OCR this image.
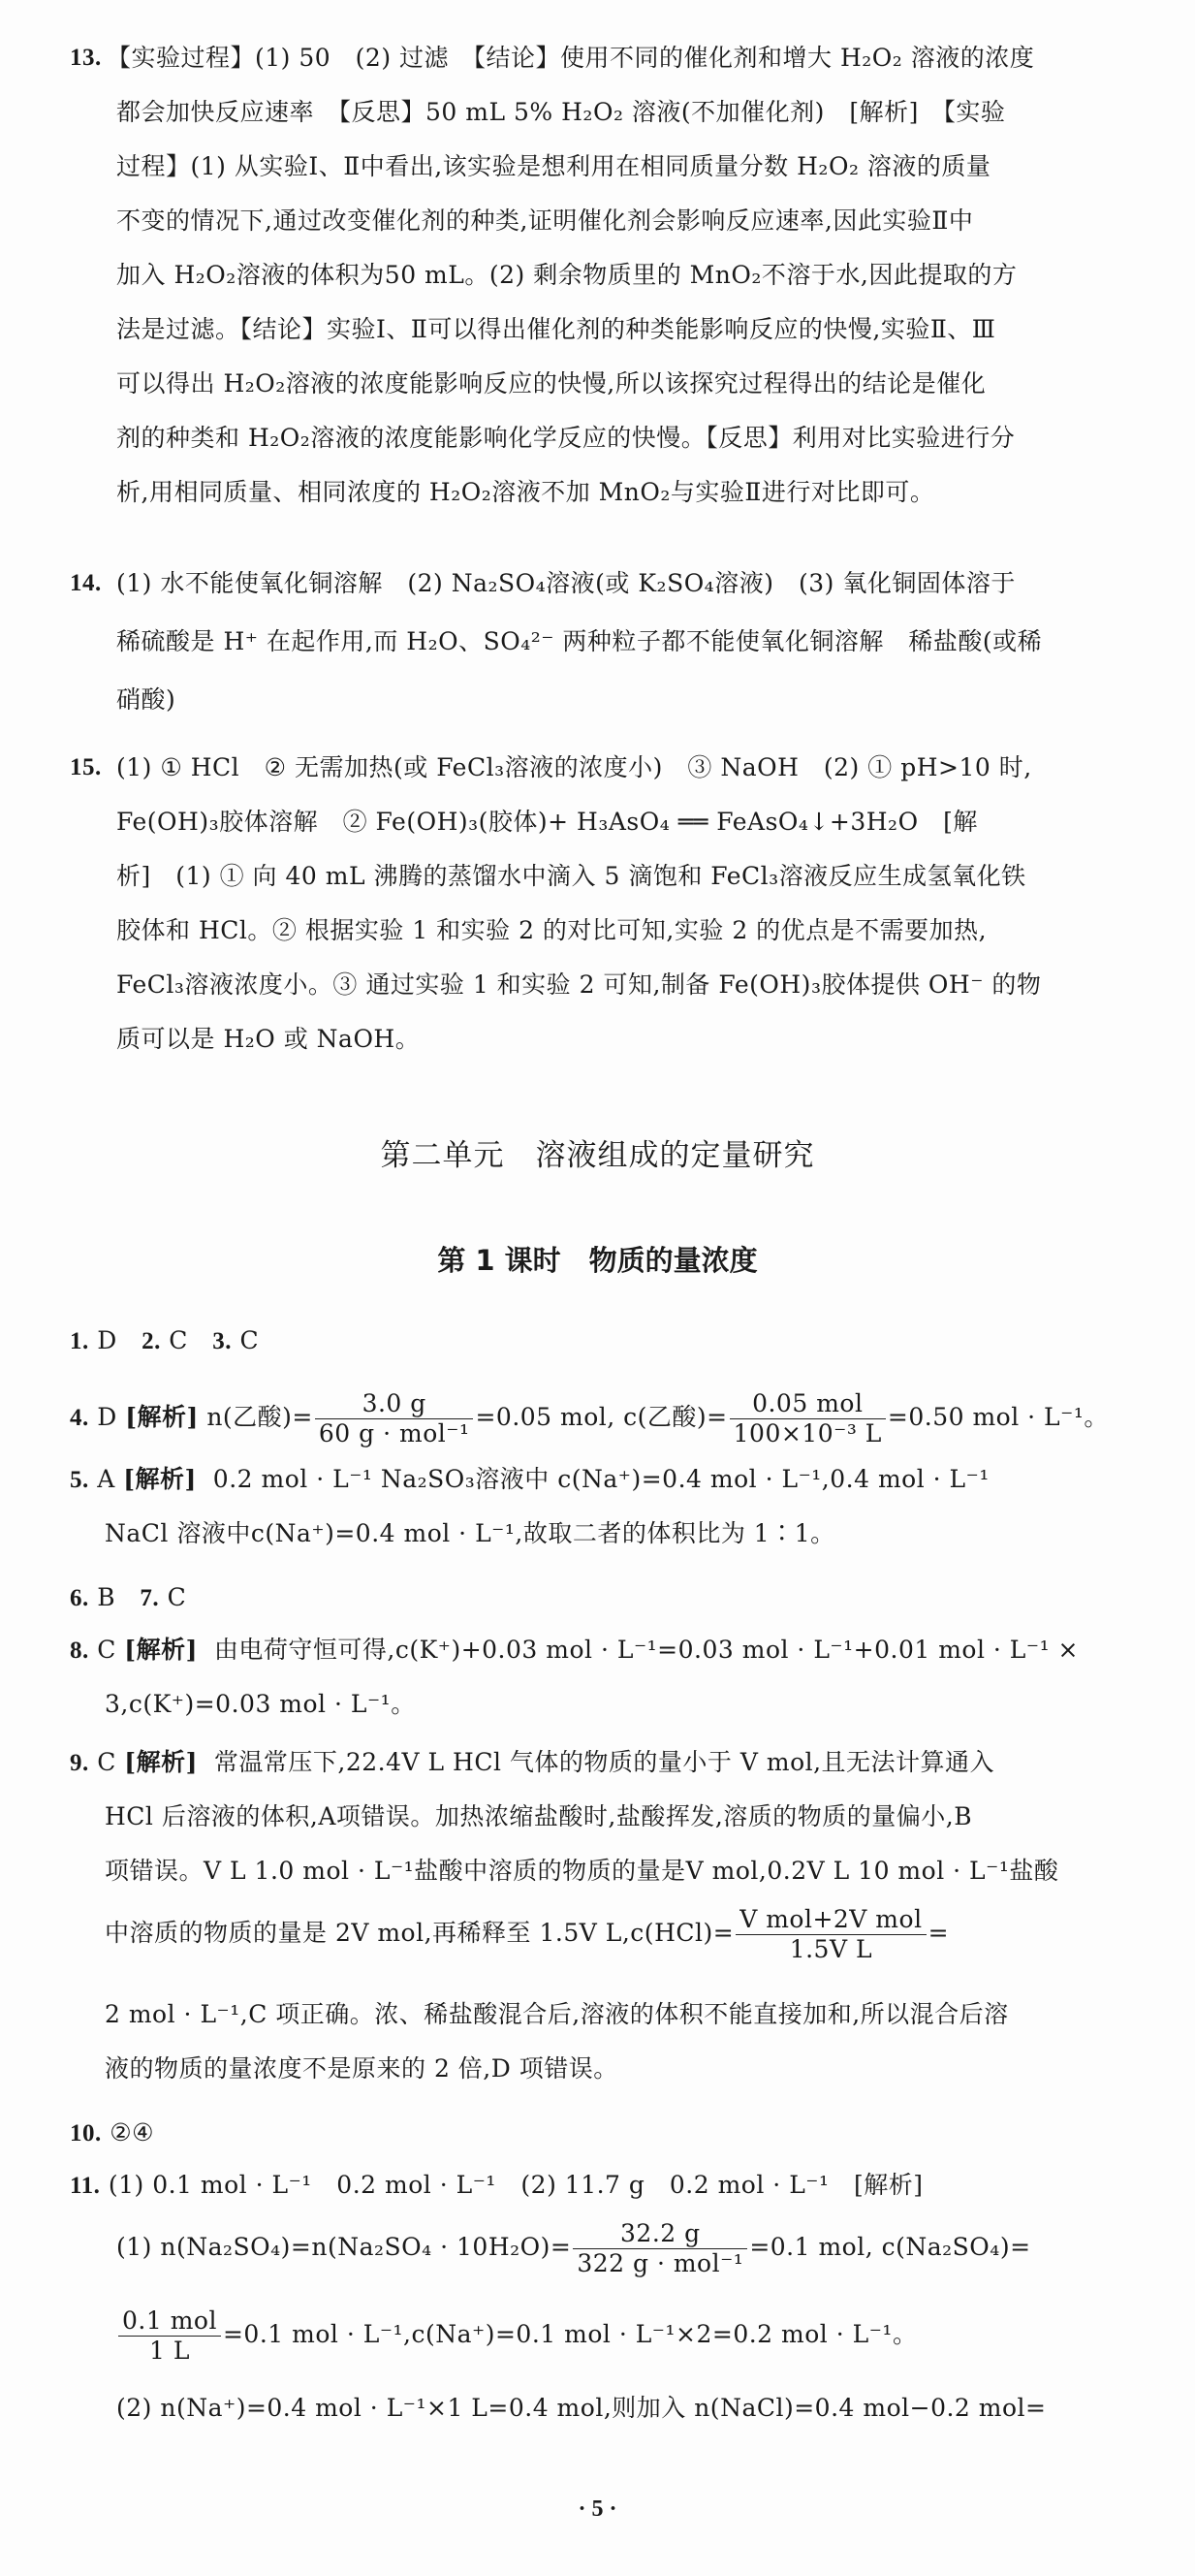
13. 【实验过程】(1) 50　(2) 过滤　【结论】使用不同的催化剂和增大 H₂O₂ 溶液的浓度
都会加快反应速率　【反思】50 mL 5% H₂O₂ 溶液(不加催化剂)　[解析]　【实验
过程】(1) 从实验Ⅰ、Ⅱ中看出,该实验是想利用在相同质量分数 H₂O₂ 溶液的质量
不变的情况下,通过改变催化剂的种类,证明催化剂会影响反应速率,因此实验Ⅱ中
加入 H₂O₂溶液的体积为50 mL。(2) 剩余物质里的 MnO₂不溶于水,因此提取的方
法是过滤。【结论】实验Ⅰ、Ⅱ可以得出催化剂的种类能影响反应的快慢,实验Ⅱ、Ⅲ
可以得出 H₂O₂溶液的浓度能影响反应的快慢,所以该探究过程得出的结论是催化
剂的种类和 H₂O₂溶液的浓度能影响化学反应的快慢。【反思】利用对比实验进行分
析,用相同质量、相同浓度的 H₂O₂溶液不加 MnO₂与实验Ⅱ进行对比即可。
14. (1) 水不能使氧化铜溶解　(2) Na₂SO₄溶液(或 K₂SO₄溶液)　(3) 氧化铜固体溶于
稀硫酸是 H⁺ 在起作用,而 H₂O、SO₄²⁻ 两种粒子都不能使氧化铜溶解　稀盐酸(或稀
硝酸)
15. (1) ① HCl　② 无需加热(或 FeCl₃溶液的浓度小)　③ NaOH　(2) ① pH>10 时,
Fe(OH)₃胶体溶解　② Fe(OH)₃(胶体)+ H₃AsO₄ ══ FeAsO₄↓+3H₂O　[解
析]　(1) ① 向 40 mL 沸腾的蒸馏水中滴入 5 滴饱和 FeCl₃溶液反应生成氢氧化铁
胶体和 HCl。② 根据实验 1 和实验 2 的对比可知,实验 2 的优点是不需要加热,
FeCl₃溶液浓度小。③ 通过实验 1 和实验 2 可知,制备 Fe(OH)₃胶体提供 OH⁻ 的物
质可以是 H₂O 或 NaOH。
第二单元　溶液组成的定量研究
第 1 课时　物质的量浓度
1. D 2. C 3. C
4. D [解析] n(乙酸)= $\frac{3.0 g}{\text{60 g · mol⁻¹}} =0.05$ mol, c(乙酸)= $\frac{\text{0.05 mol}}{\text{100×10⁻³ L}} =0.50$ mol · L⁻¹。
5. A [解析] 0.2 mol · L⁻¹ Na₂SO₃溶液中 c(Na⁺)=0.4 mol · L⁻¹,0.4 mol · L⁻¹
NaCl 溶液中c(Na⁺)=0.4 mol · L⁻¹,故取二者的体积比为 1∶1。
6. B 7. C
8. C [解析] 由电荷守恒可得,c(K⁺)+0.03 mol · L⁻¹=0.03 mol · L⁻¹+0.01 mol · L⁻¹ ×
3,c(K⁺)=0.03 mol · L⁻¹。
9. C [解析] 常温常压下,22.4V L HCl 气体的物质的量小于 V mol,且无法计算通入
HCl 后溶液的体积,A项错误。加热浓缩盐酸时,盐酸挥发,溶质的物质的量偏小,B
项错误。V L 1.0 mol · L⁻¹盐酸中溶质的物质的量是V mol,0.2V L 10 mol · L⁻¹盐酸
中溶质的物质的量是 2V mol,再稀释至 1.5V $L,c(HCl)= \frac{\text{V mol+2V mol}}{\text{1.5V L}}$ =
2 mol · L⁻¹,C 项正确。浓、稀盐酸混合后,溶液的体积不能直接加和,所以混合后溶
液的物质的量浓度不是原来的 2 倍,D 项错误。
10. ②④
11. (1) 0.1 mol · L⁻¹　0.2 mol · L⁻¹　(2) 11.7 g　0.2 mol · L⁻¹　[解析]
(1) $n(Na_2SO_4)=n(Na_2SO_4 \cdot 10H_2O)= \frac{32.2 g}{\text{322 g · mol⁻¹}} =0.1$ mol, c(Na₂SO₄)=
$\frac{\text{0.1 mol}}{1 L} =0.1$ mol · L⁻¹,c(Na⁺)=0.1 mol · L⁻¹×2=0.2 mol · L⁻¹。
(2) n(Na⁺)=0.4 mol · L⁻¹×1 L=0.4 mol,则加入 n(NaCl)=0.4 mol−0.2 mol=
· 5 ·
